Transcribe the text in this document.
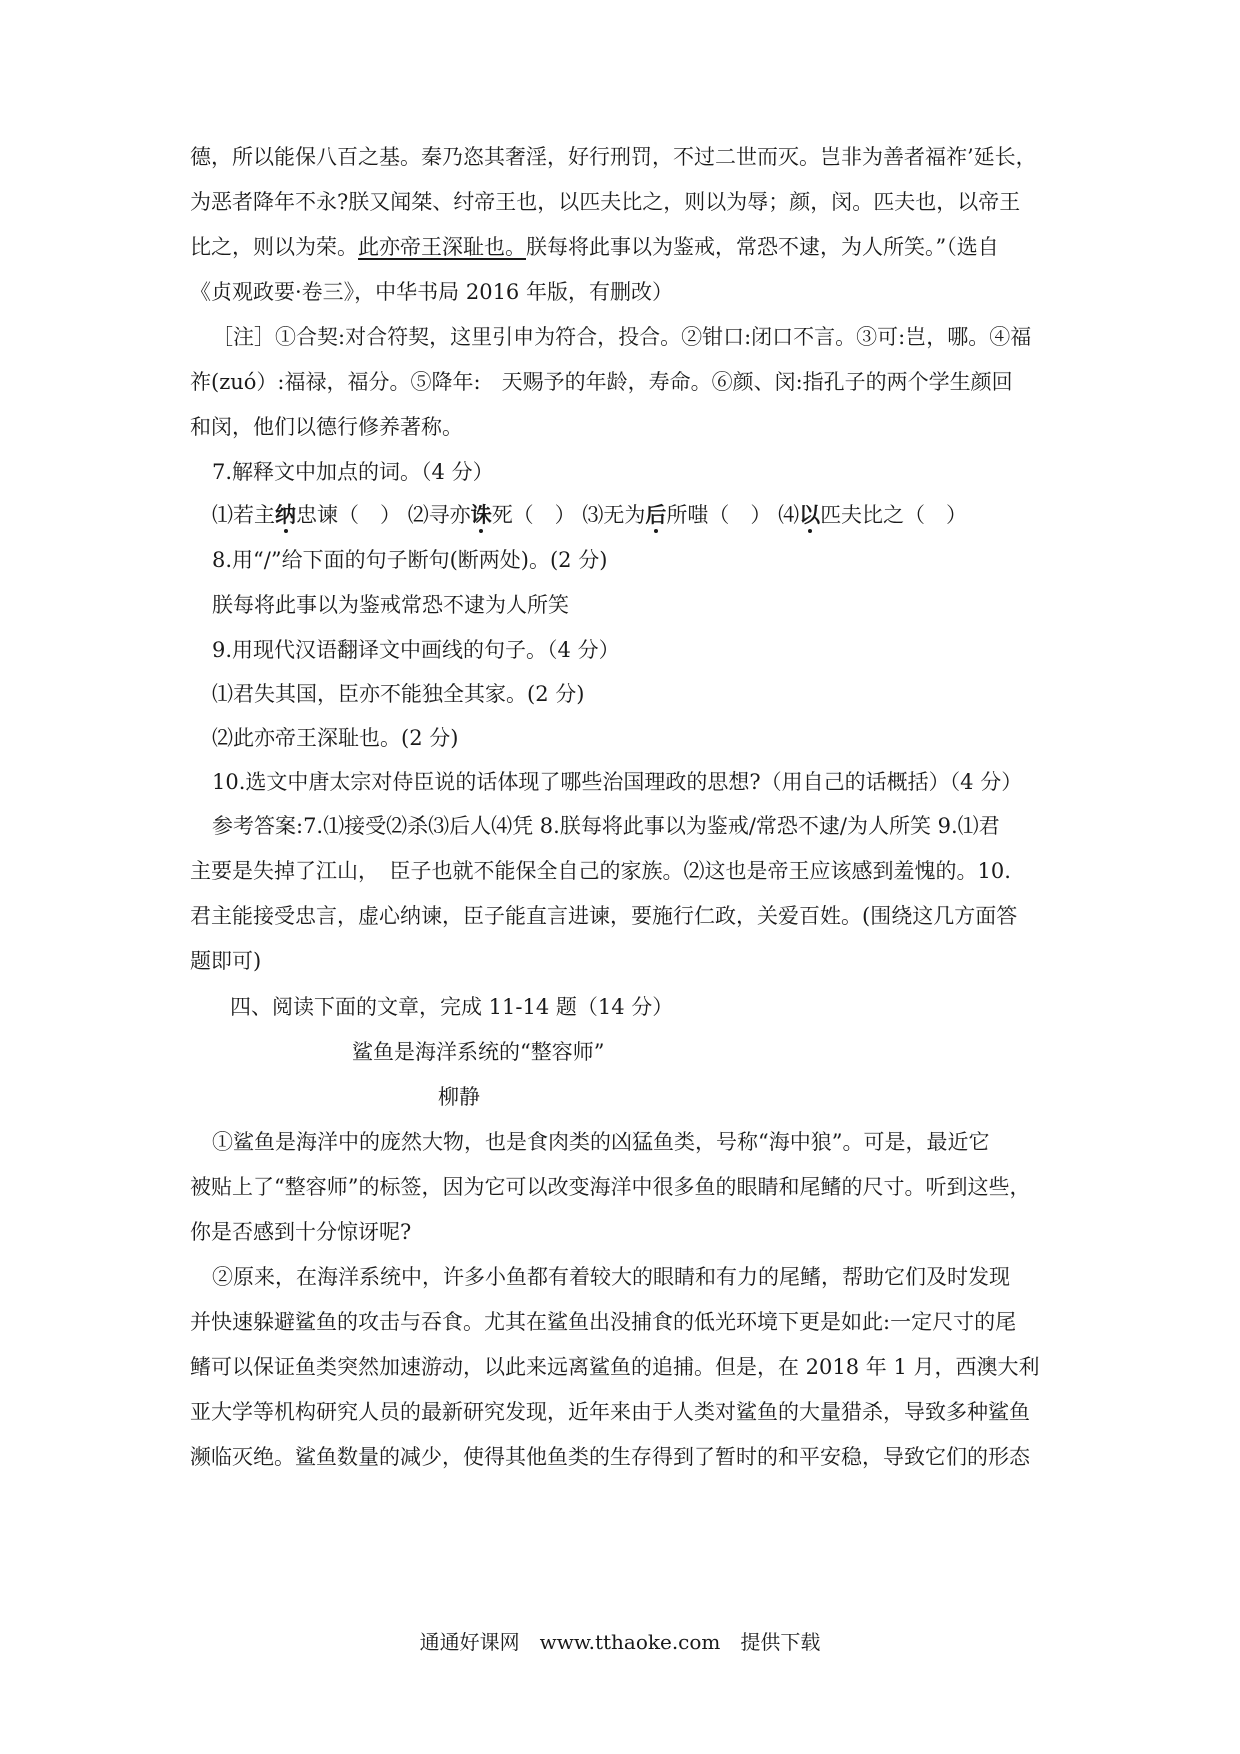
德，所以能保八百之基。秦乃恣其奢淫，好行刑罚，不过二世而灭。岂非为善者福祚’延长，
为恶者降年不永?朕又闻桀、纣帝王也，以匹夫比之，则以为辱；颜，闵。匹夫也，以帝王
比之，则以为荣。此亦帝王深耻也。朕每将此事以为鉴戒，常恐不逮，为人所笑。”（选自
《贞观政要·卷三》，中华书局 2016 年版，有删改）
［注］①合契:对合符契，这里引申为符合，投合。②钳口:闭口不言。③可:岂，哪。④福
祚(zuó）:福禄，福分。⑤降年:　天赐予的年龄，寿命。⑥颜、闵:指孔子的两个学生颜回
和闵，他们以德行修养著称。
7.解释文中加点的词。（4 分）
⑴若主纳忠谏（　） ⑵寻亦诛死（　） ⑶无为后所嗤（　） ⑷以匹夫比之（　）
8.用“/”给下面的句子断句(断两处)。(2 分)
朕每将此事以为鉴戒常恐不逮为人所笑
9.用现代汉语翻译文中画线的句子。（4 分）
⑴君失其国，臣亦不能独全其家。(2 分)
⑵此亦帝王深耻也。(2 分)
10.选文中唐太宗对侍臣说的话体现了哪些治国理政的思想?（用自己的话概括）（4 分）
参考答案:7.⑴接受⑵杀⑶后人⑷凭 8.朕每将此事以为鉴戒/常恐不逮/为人所笑 9.⑴君
主要是失掉了江山，　臣子也就不能保全自己的家族。⑵这也是帝王应该感到羞愧的。10.
君主能接受忠言，虚心纳谏，臣子能直言进谏，要施行仁政，关爱百姓。(围绕这几方面答
题即可)
四、阅读下面的文章，完成 11-14 题（14 分）
鲨鱼是海洋系统的“整容师”
柳静
①鲨鱼是海洋中的庞然大物，也是食肉类的凶猛鱼类，号称“海中狼”。可是，最近它
被贴上了“整容师”的标签，因为它可以改变海洋中很多鱼的眼睛和尾鳍的尺寸。听到这些，
你是否感到十分惊讶呢?
②原来，在海洋系统中，许多小鱼都有着较大的眼睛和有力的尾鳍，帮助它们及时发现
并快速躲避鲨鱼的攻击与吞食。尤其在鲨鱼出没捕食的低光环境下更是如此:一定尺寸的尾
鳍可以保证鱼类突然加速游动，以此来远离鲨鱼的追捕。但是，在 2018 年 1 月，西澳大利
亚大学等机构研究人员的最新研究发现，近年来由于人类对鲨鱼的大量猎杀，导致多种鲨鱼
濒临灭绝。鲨鱼数量的减少，使得其他鱼类的生存得到了暂时的和平安稳，导致它们的形态
通通好课网　www.tthaoke.com　提供下载
